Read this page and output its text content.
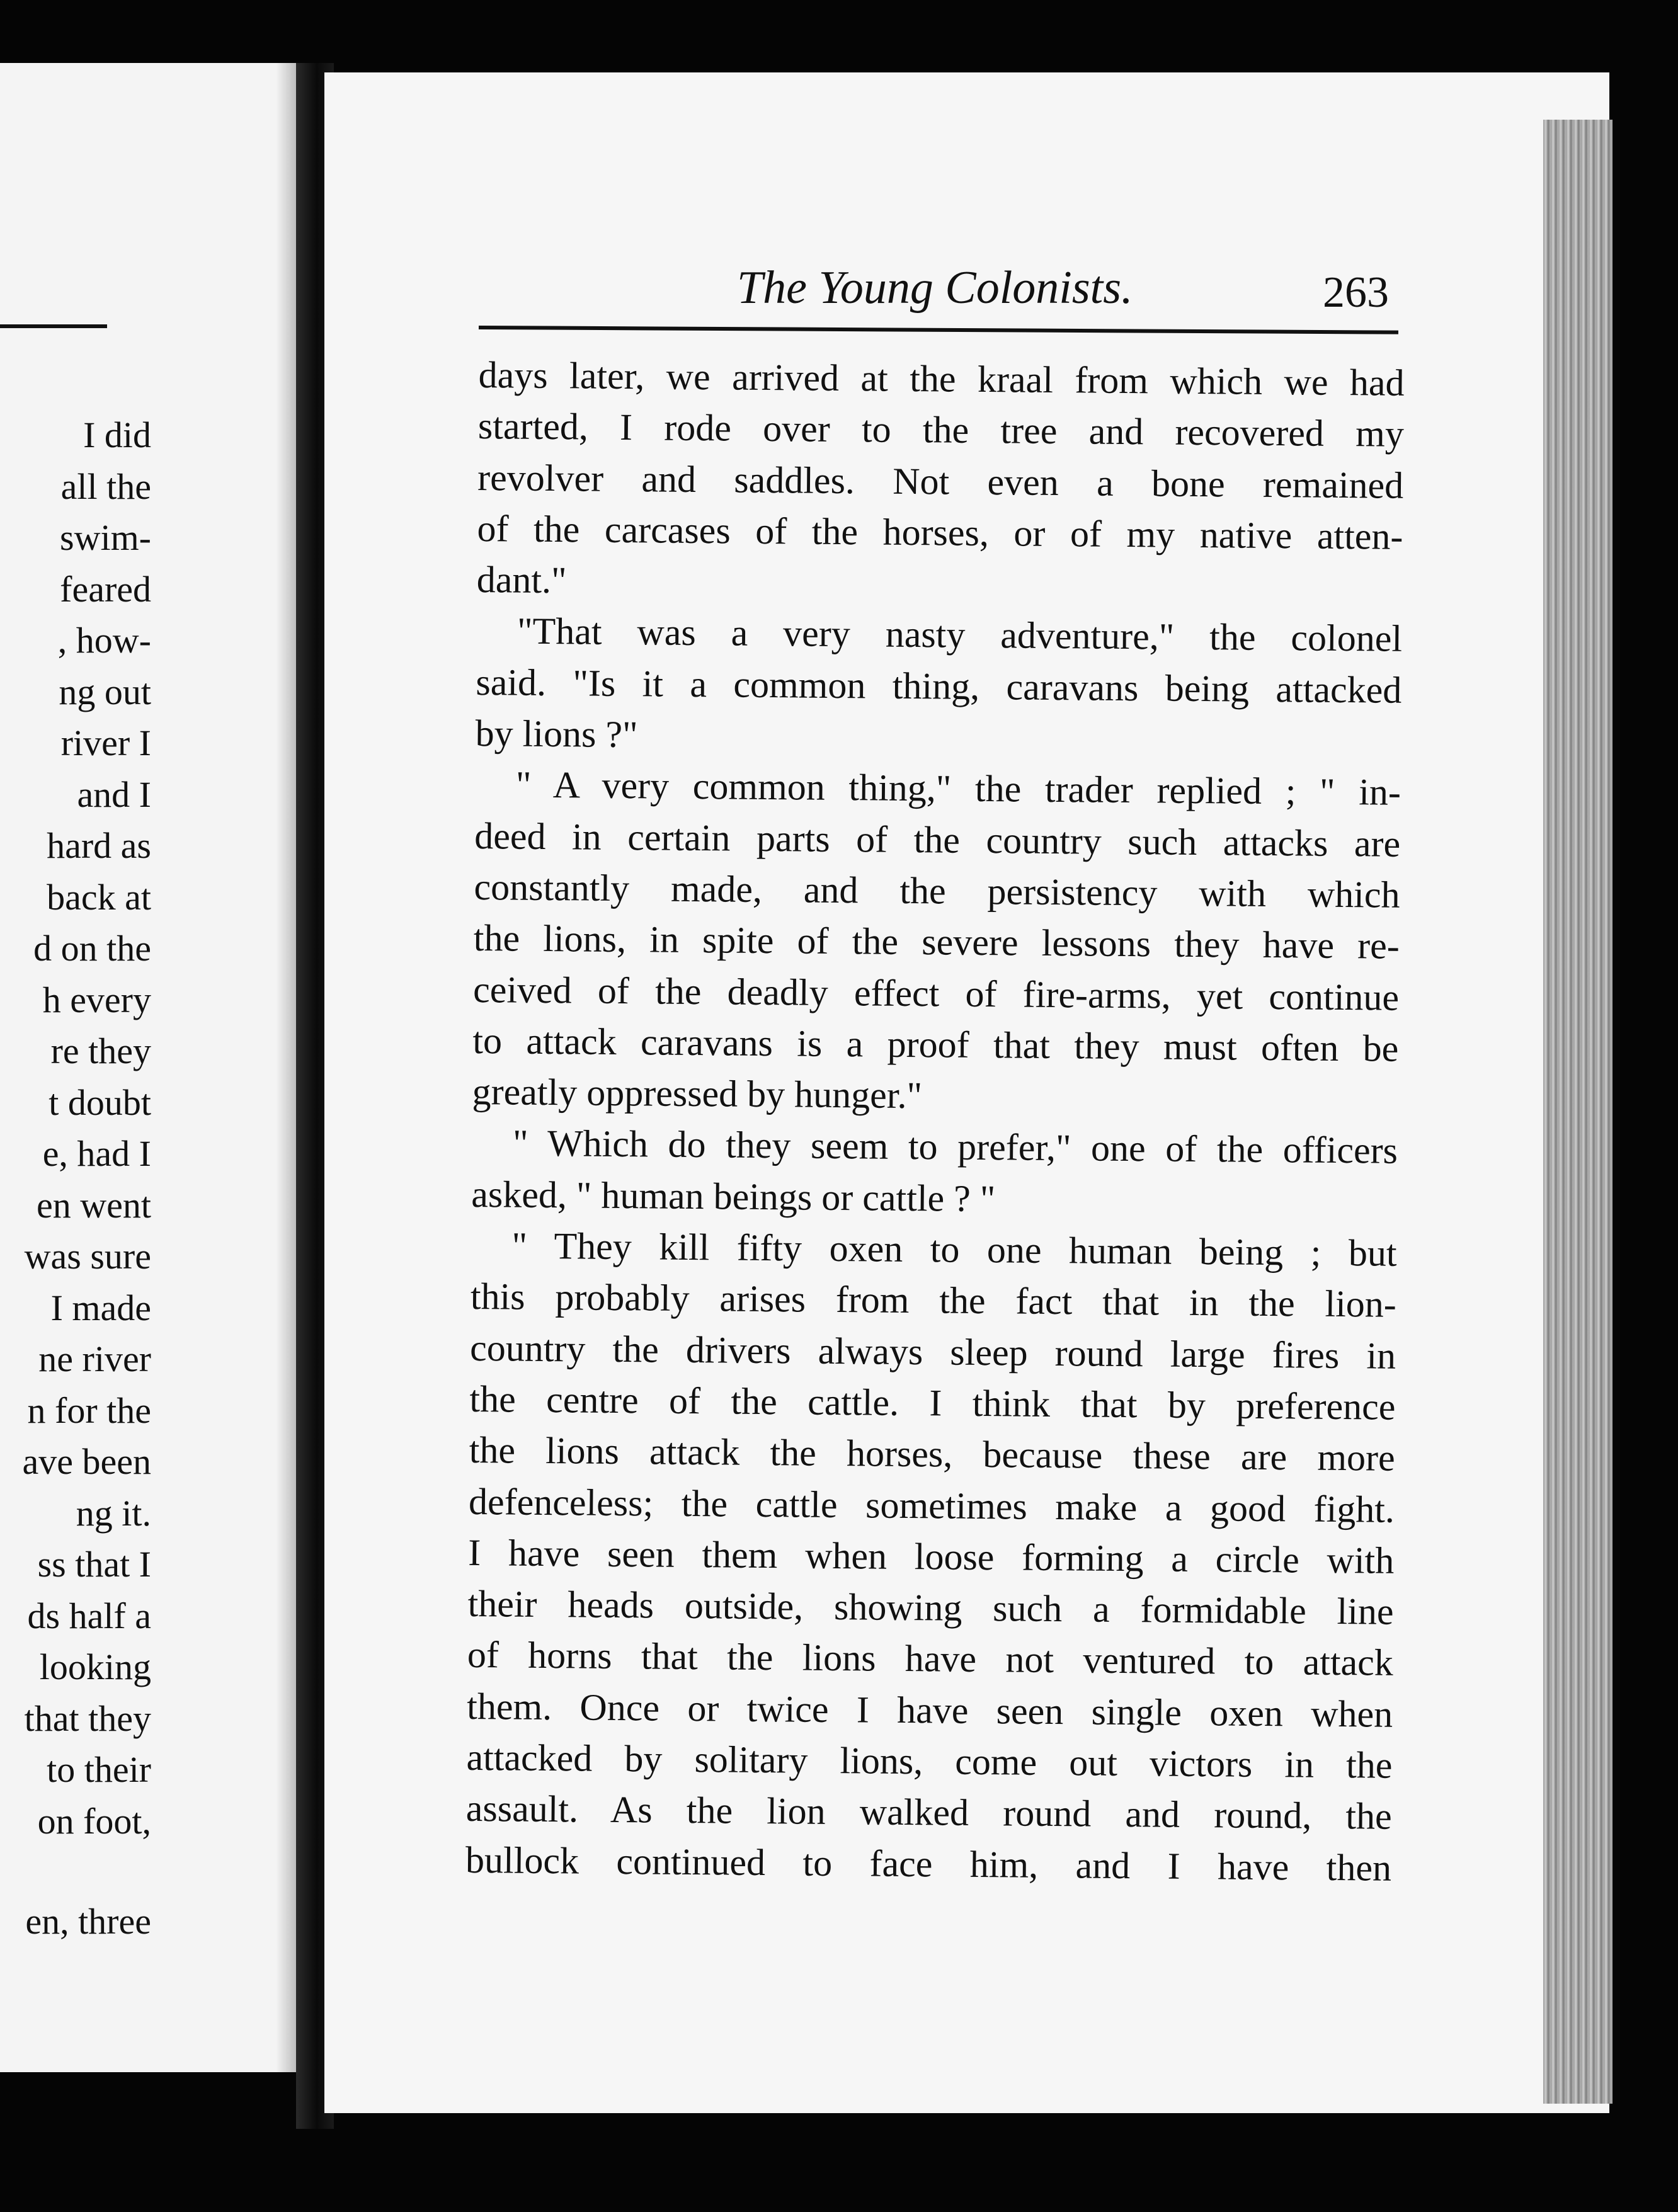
I did
all the
swim-
feared
, how-
ng out
river I
and I
hard as
back at
d on the
h every
re they
t doubt
e, had I
en went
was sure
I made
ne river
n for the
ave been
ng it.
ss that I
ds half a
looking
that they
to their
on foot,
en, three
The Young Colonists.	263
days later, we arrived at the kraal from which we had
started, I rode over to the tree and recovered my
revolver and saddles. Not even a bone remained
of the carcases of the horses, or of my native atten-
dant."
"That was a very nasty adventure," the colonel
said. "Is it a common thing, caravans being attacked
by lions ?"
" A very common thing," the trader replied ; " in-
deed in certain parts of the country such attacks are
constantly made, and the persistency with which
the lions, in spite of the severe lessons they have re-
ceived of the deadly effect of fire-arms, yet continue
to attack caravans is a proof that they must often be
greatly oppressed by hunger."
" Which do they seem to prefer," one of the officers
asked, " human beings or cattle ? "
" They kill fifty oxen to one human being ; but
this probably arises from the fact that in the lion-
country the drivers always sleep round large fires in
the centre of the cattle. I think that by preference
the lions attack the horses, because these are more
defenceless; the cattle sometimes make a good fight.
I have seen them when loose forming a circle with
their heads outside, showing such a formidable line
of horns that the lions have not ventured to attack
them. Once or twice I have seen single oxen when
attacked by solitary lions, come out victors in the
assault. As the lion walked round and round, the
bullock continued to face him, and I have then
